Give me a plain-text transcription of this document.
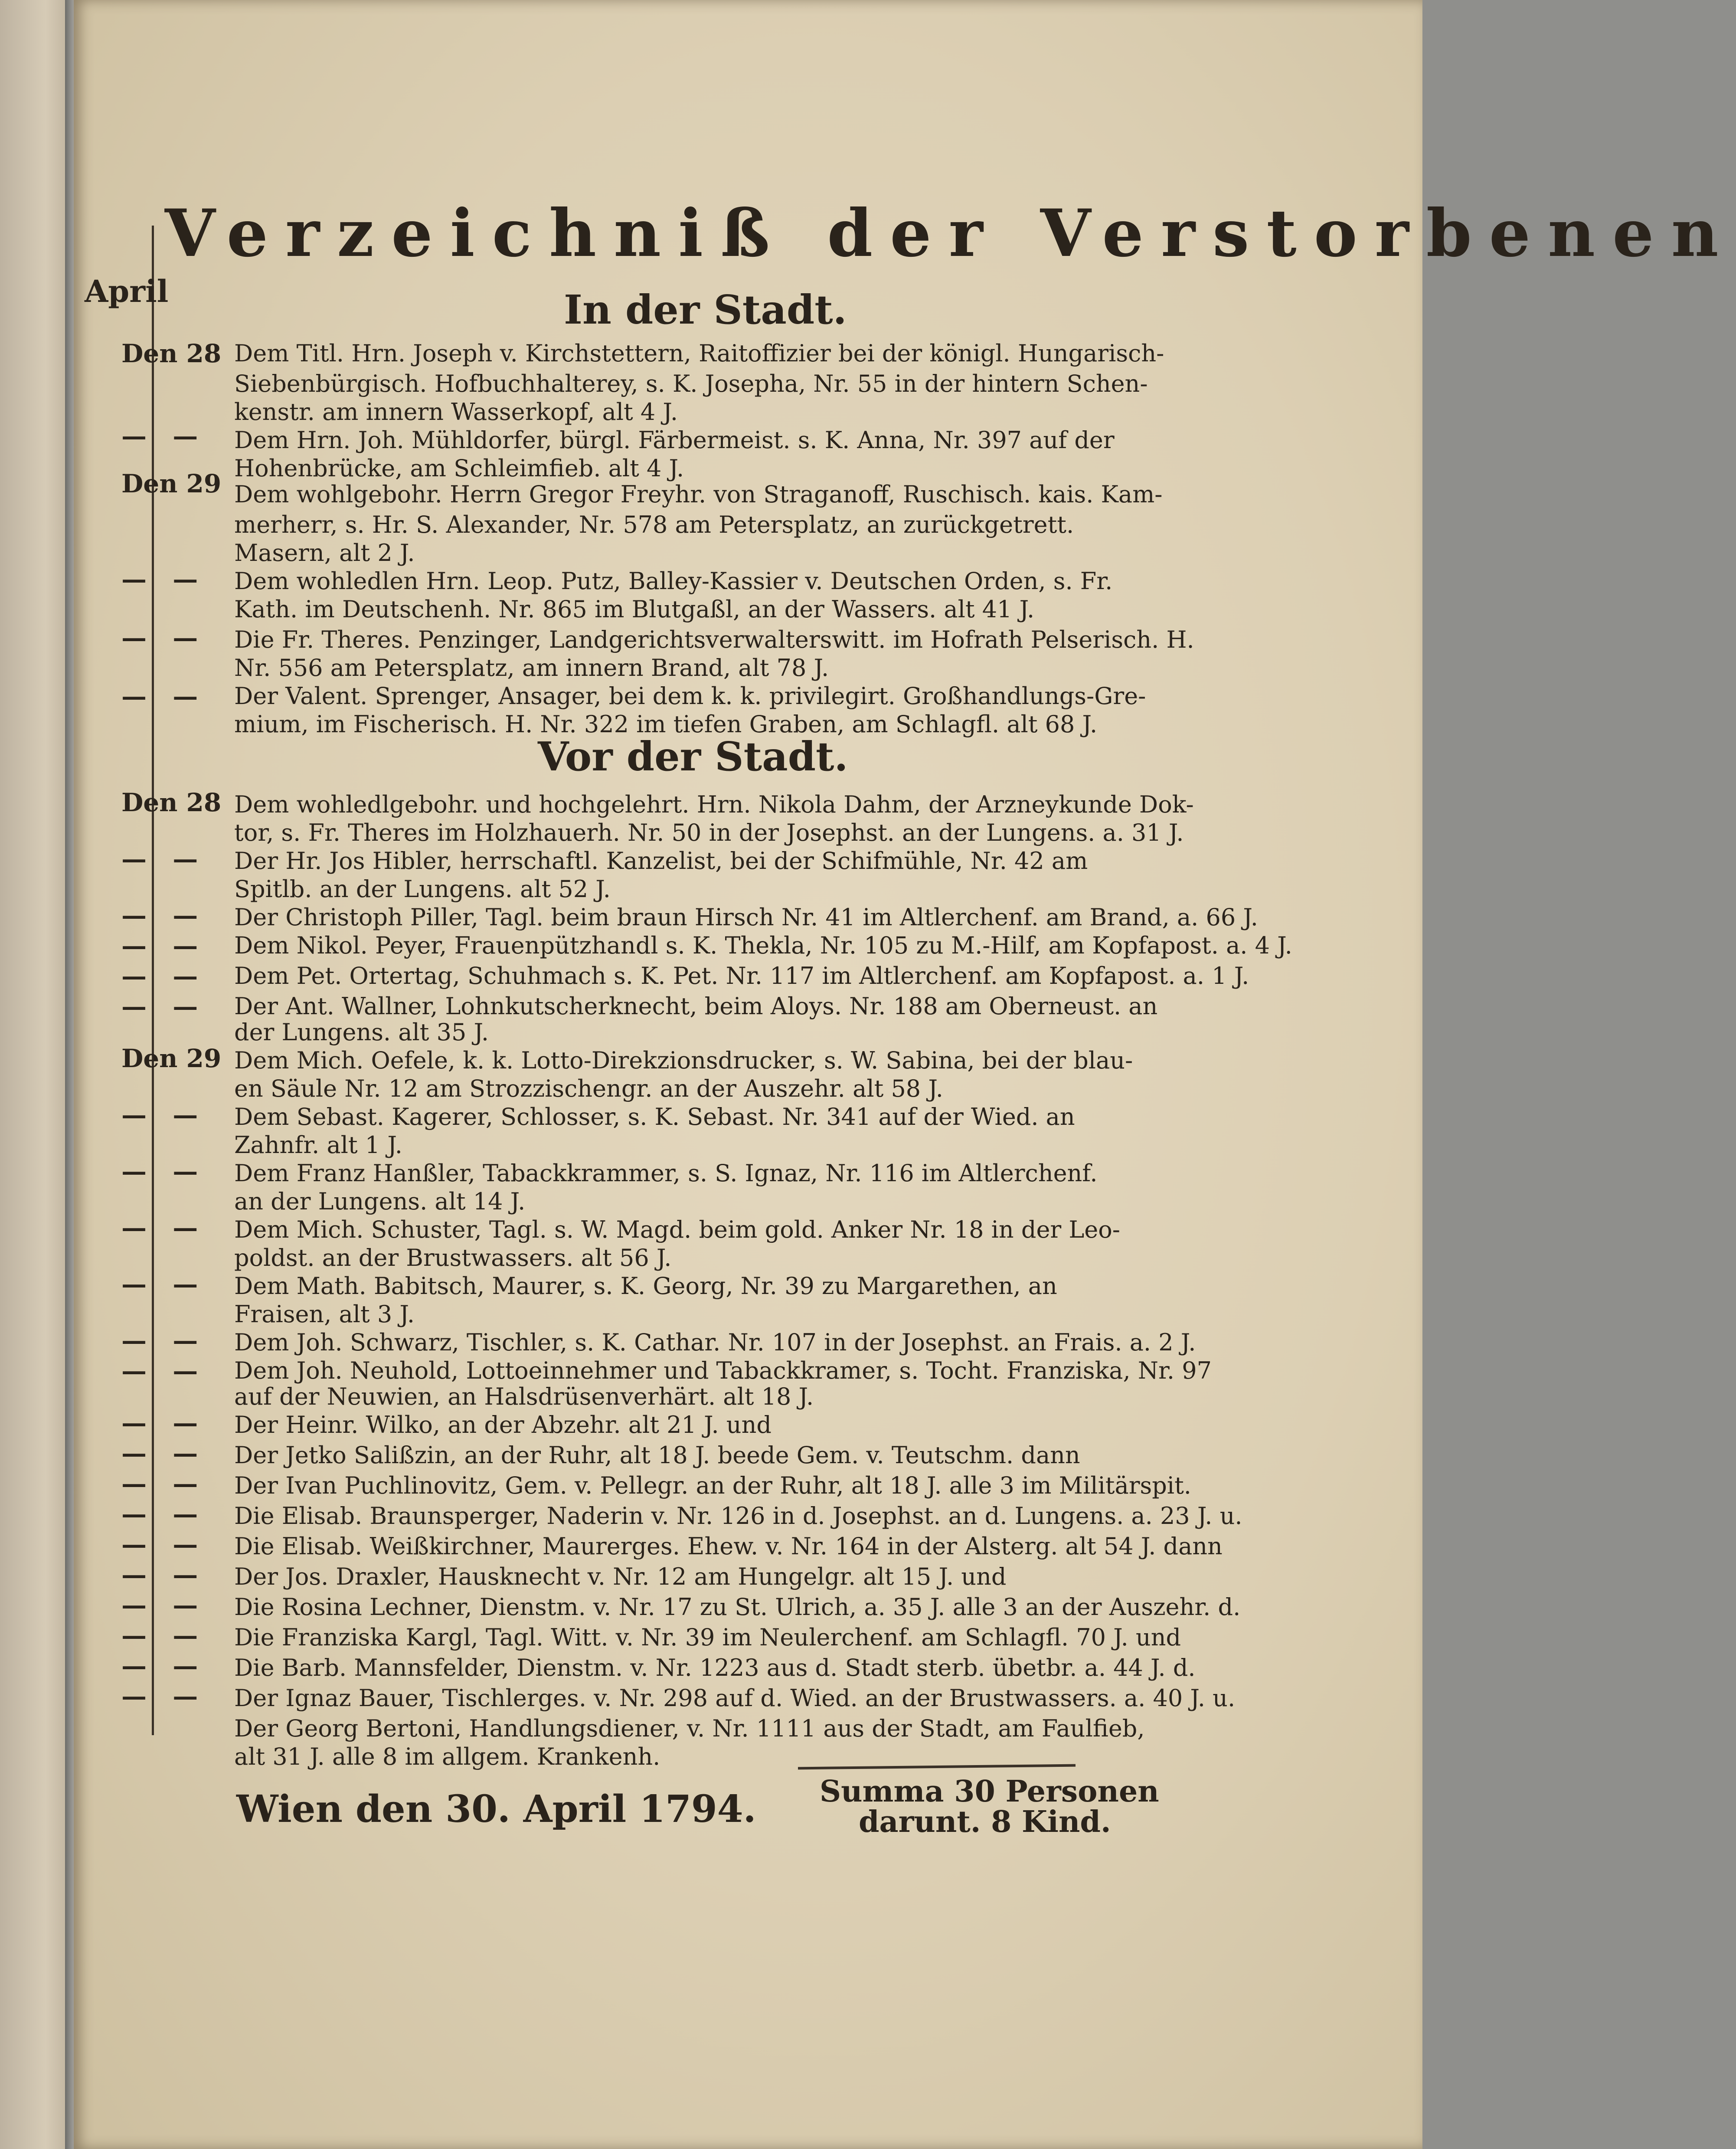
Verzeichniß der Verstorbenen
April	In der Stadt.
Vor der Stadt.
Den 28
— —
Den 29
— —
— —
— —
Den 28
— —
— —
— —
— —
— —
Den 29
— —
— —
— —
— —
— —
— —
— —
— —
— —
— —
— —
— —
— —
— —
— —
— —
Dem Titl. Hrn. Joseph v. Kirchstettern, Raitoffizier bei der königl. Hungarisch-
Siebenbürgisch. Hofbuchhalterey, s. K. Josepha, Nr. 55 in der hintern Schen-
kenstr. am innern Wasserkopf, alt 4 J.
Dem Hrn. Joh. Mühldorfer, bürgl. Färbermeist. s. K. Anna, Nr. 397 auf der
Hohenbrücke, am Schleimfieb. alt 4 J.
Dem wohlgebohr. Herrn Gregor Freyhr. von Straganoff, Ruschisch. kais. Kam-
merherr, s. Hr. S. Alexander, Nr. 578 am Petersplatz, an zurückgetrett.
Masern, alt 2 J.
Dem wohledlen Hrn. Leop. Putz, Balley-Kassier v. Deutschen Orden, s. Fr.
Kath. im Deutschenh. Nr. 865 im Blutgaßl, an der Wassers. alt 41 J.
Die Fr. Theres. Penzinger, Landgerichtsverwalterswitt. im Hofrath Pelserisch. H.
Nr. 556 am Petersplatz, am innern Brand, alt 78 J.
Der Valent. Sprenger, Ansager, bei dem k. k. privilegirt. Großhandlungs-Gre-
mium, im Fischerisch. H. Nr. 322 im tiefen Graben, am Schlagfl. alt 68 J.
Dem wohledlgebohr. und hochgelehrt. Hrn. Nikola Dahm, der Arzneykunde Dok-
tor, s. Fr. Theres im Holzhauerh. Nr. 50 in der Josephst. an der Lungens. a. 31 J.
Der Hr. Jos Hibler, herrschaftl. Kanzelist, bei der Schifmühle, Nr. 42 am
Spitlb. an der Lungens. alt 52 J.
Der Christoph Piller, Tagl. beim braun Hirsch Nr. 41 im Altlerchenf. am Brand, a. 66 J.
Dem Nikol. Peyer, Frauenpützhandl s. K. Thekla, Nr. 105 zu M.-Hilf, am Kopfapost. a. 4 J.
Dem Pet. Ortertag, Schuhmach s. K. Pet. Nr. 117 im Altlerchenf. am Kopfapost. a. 1 J.
Der Ant. Wallner, Lohnkutscherknecht, beim Aloys. Nr. 188 am Oberneust. an
der Lungens. alt 35 J.
Dem Mich. Oefele, k. k. Lotto-Direkzionsdrucker, s. W. Sabina, bei der blau-
en Säule Nr. 12 am Strozzischengr. an der Auszehr. alt 58 J.
Dem Sebast. Kagerer, Schlosser, s. K. Sebast. Nr. 341 auf der Wied. an
Zahnfr. alt 1 J.
Dem Franz Hanßler, Tabackkrammer, s. S. Ignaz, Nr. 116 im Altlerchenf.
an der Lungens. alt 14 J.
Dem Mich. Schuster, Tagl. s. W. Magd. beim gold. Anker Nr. 18 in der Leo-
poldst. an der Brustwassers. alt 56 J.
Dem Math. Babitsch, Maurer, s. K. Georg, Nr. 39 zu Margarethen, an
Fraisen, alt 3 J.
Dem Joh. Schwarz, Tischler, s. K. Cathar. Nr. 107 in der Josephst. an Frais. a. 2 J.
Dem Joh. Neuhold, Lottoeinnehmer und Tabackkramer, s. Tocht. Franziska, Nr. 97
auf der Neuwien, an Halsdrüsenverhärt. alt 18 J.
Der Heinr. Wilko, an der Abzehr. alt 21 J. und
Der Jetko Salißzin, an der Ruhr, alt 18 J. beede Gem. v. Teutschm. dann
Der Ivan Puchlinovitz, Gem. v. Pellegr. an der Ruhr, alt 18 J. alle 3 im Militärspit.
Die Elisab. Braunsperger, Naderin v. Nr. 126 in d. Josephst. an d. Lungens. a. 23 J. u.
Die Elisab. Weißkirchner, Maurerges. Ehew. v. Nr. 164 in der Alsterg. alt 54 J. dann
Der Jos. Draxler, Hausknecht v. Nr. 12 am Hungelgr. alt 15 J. und
Die Rosina Lechner, Dienstm. v. Nr. 17 zu St. Ulrich, a. 35 J. alle 3 an der Auszehr. d.
Die Franziska Kargl, Tagl. Witt. v. Nr. 39 im Neulerchenf. am Schlagfl. 70 J. und
Die Barb. Mannsfelder, Dienstm. v. Nr. 1223 aus d. Stadt sterb. übetbr. a. 44 J. d.
Der Ignaz Bauer, Tischlerges. v. Nr. 298 auf d. Wied. an der Brustwassers. a. 40 J. u.
Der Georg Bertoni, Handlungsdiener, v. Nr. 1111 aus der Stadt, am Faulfieb,
alt 31 J. alle 8 im allgem. Krankenh.
Summa 30 Personen
darunt. 8 Kind.
Wien den 30. April 1794.
